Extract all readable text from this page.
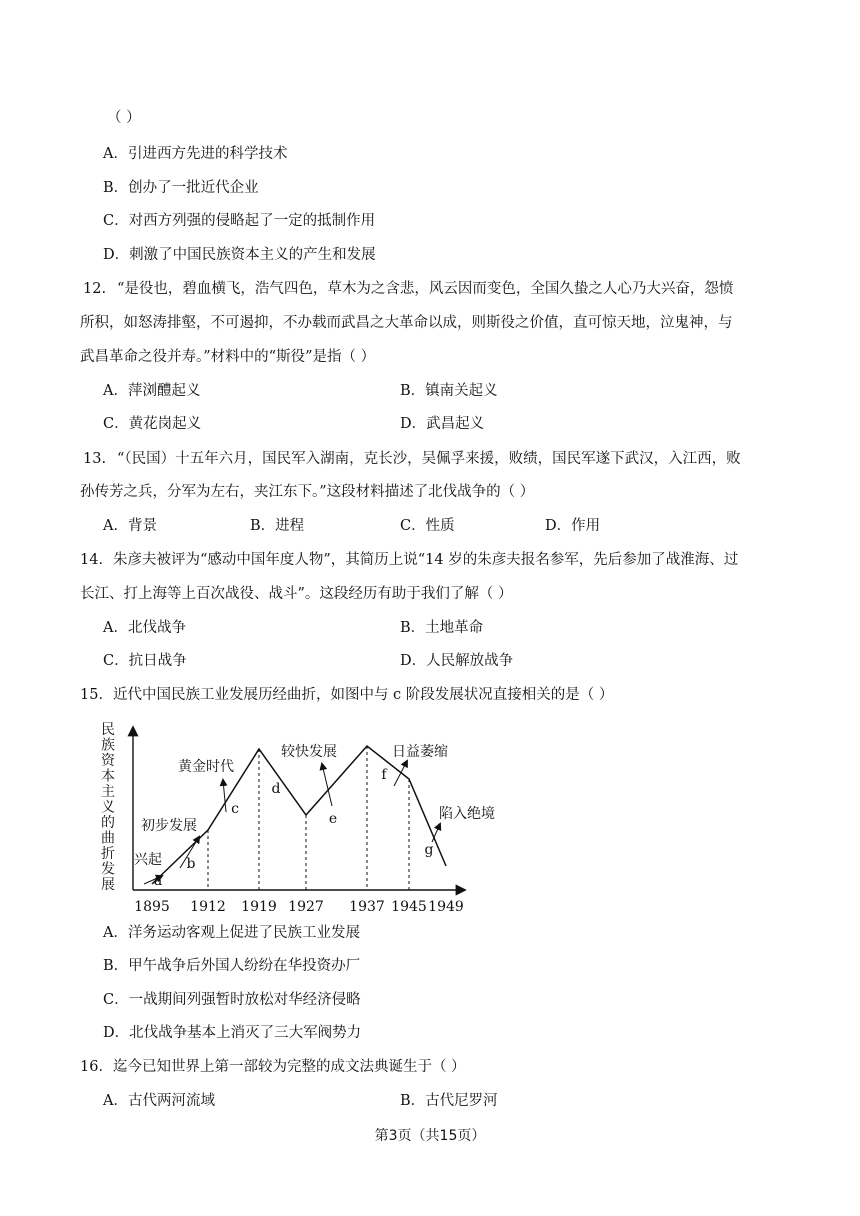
（ ）
A．引进西方先进的科学技术
B．创办了一批近代企业
C．对西方列强的侵略起了一定的抵制作用
D．刺激了中国民族资本主义的产生和发展
12. “是役也，碧血横飞，浩气四色，草木为之含悲，风云因而变色，全国久蛰之人心乃大兴奋，怨愤
所积，如怒涛排壑，不可遏抑，不办载而武昌之大革命以成，则斯役之价值，直可惊天地，泣鬼神，与
武昌革命之役并寿。”材料中的“斯役”是指（ ）
A．萍浏醴起义	B．镇南关起义
C．黄花岗起义	D．武昌起义
13. “（民国）十五年六月，国民军入湖南，克长沙，吴佩孚来援，败绩，国民军遂下武汉，入江西，败
孙传芳之兵，分军为左右，夹江东下。”这段材料描述了北伐战争的（ ）
A．背景	B．进程	C．性质	D．作用
14．朱彦夫被评为“感动中国年度人物”，其简历上说“14 岁的朱彦夫报名参军，先后参加了战淮海、过
长江、打上海等上百次战役、战斗”。这段经历有助于我们了解（ ）
A．北伐战争	B．土地革命
C．抗日战争	D．人民解放战争
15．近代中国民族工业发展历经曲折，如图中与 c 阶段发展状况直接相关的是（ ）
民
族
资
本
主
义
的
曲
折
发
展
1895 1912 1919 1927 1937 1945 1949
a
b
c
d
e
f
g
兴起
初步发展
黄金时代
较快发展	日益萎缩
陷入绝境
A．洋务运动客观上促进了民族工业发展
B．甲午战争后外国人纷纷在华投资办厂
C．一战期间列强暂时放松对华经济侵略
D．北伐战争基本上消灭了三大军阀势力
16．迄今已知世界上第一部较为完整的成文法典诞生于（ ）
A．古代两河流域	B．古代尼罗河
第3页（共15页）
